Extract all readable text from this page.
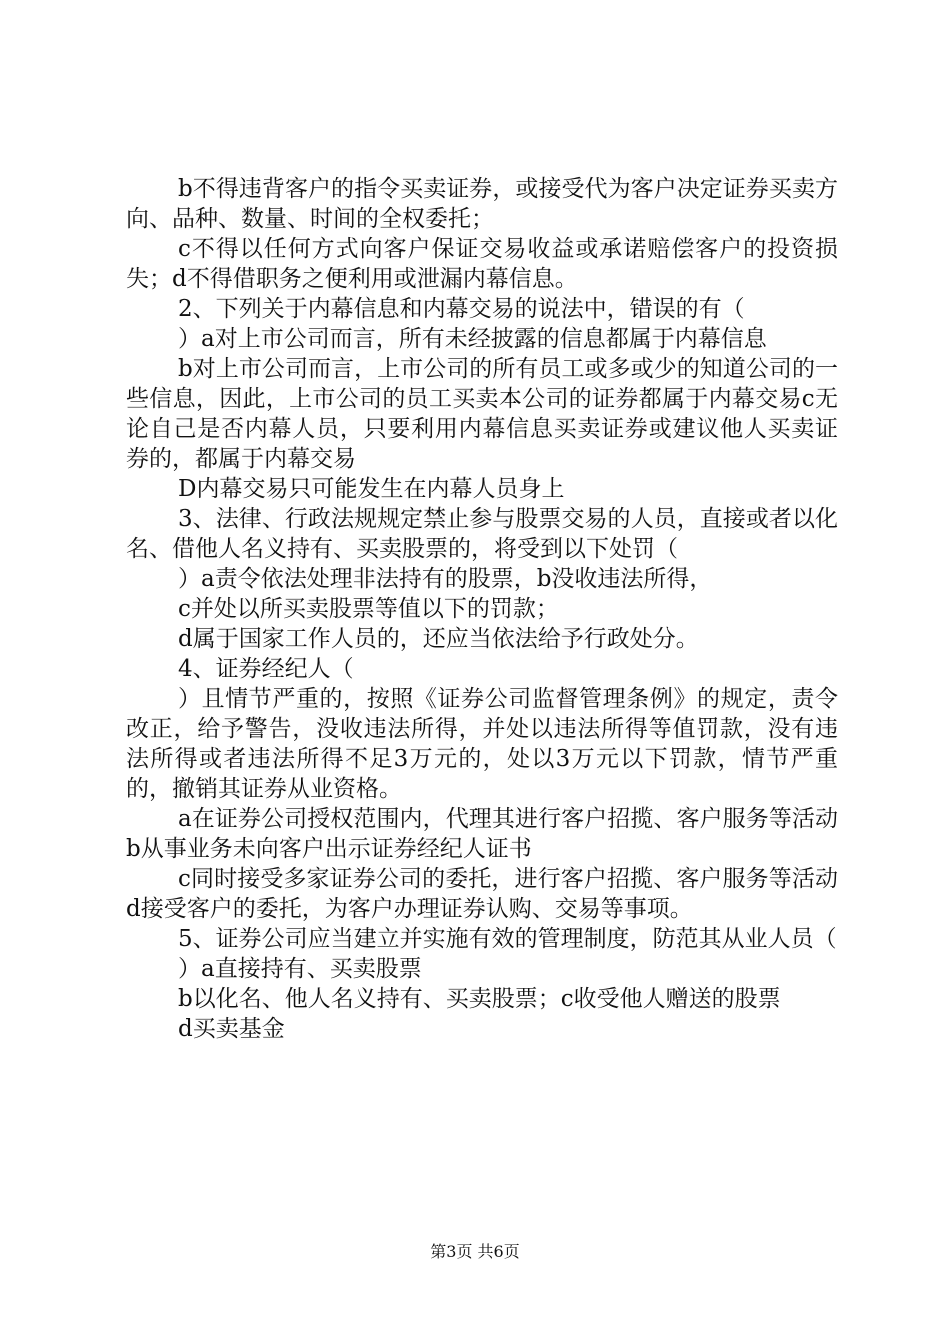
b不得违背客户的指令买卖证券，或接受代为客户决定证券买卖方向、品种、数量、时间的全权委托；

c不得以任何方式向客户保证交易收益或承诺赔偿客户的投资损失；d不得借职务之便利用或泄漏内幕信息。

2、下列关于内幕信息和内幕交易的说法中，错误的有（

）a对上市公司而言，所有未经披露的信息都属于内幕信息

b对上市公司而言，上市公司的所有员工或多或少的知道公司的一些信息，因此，上市公司的员工买卖本公司的证券都属于内幕交易c无论自己是否内幕人员，只要利用内幕信息买卖证券或建议他人买卖证券的，都属于内幕交易

D内幕交易只可能发生在内幕人员身上

3、法律、行政法规规定禁止参与股票交易的人员，直接或者以化名、借他人名义持有、买卖股票的，将受到以下处罚（

）a责令依法处理非法持有的股票，b没收违法所得，

c并处以所买卖股票等值以下的罚款；

d属于国家工作人员的，还应当依法给予行政处分。

4、证券经纪人（

）且情节严重的，按照《证券公司监督管理条例》的规定，责令改正，给予警告，没收违法所得，并处以违法所得等值罚款，没有违法所得或者违法所得不足3万元的，处以3万元以下罚款，情节严重的，撤销其证券从业资格。

a在证券公司授权范围内，代理其进行客户招揽、客户服务等活动b从事业务未向客户出示证券经纪人证书

c同时接受多家证券公司的委托，进行客户招揽、客户服务等活动d接受客户的委托，为客户办理证券认购、交易等事项。

5、证券公司应当建立并实施有效的管理制度，防范其从业人员（

）a直接持有、买卖股票

b以化名、他人名义持有、买卖股票；c收受他人赠送的股票

d买卖基金

第3页 共6页
